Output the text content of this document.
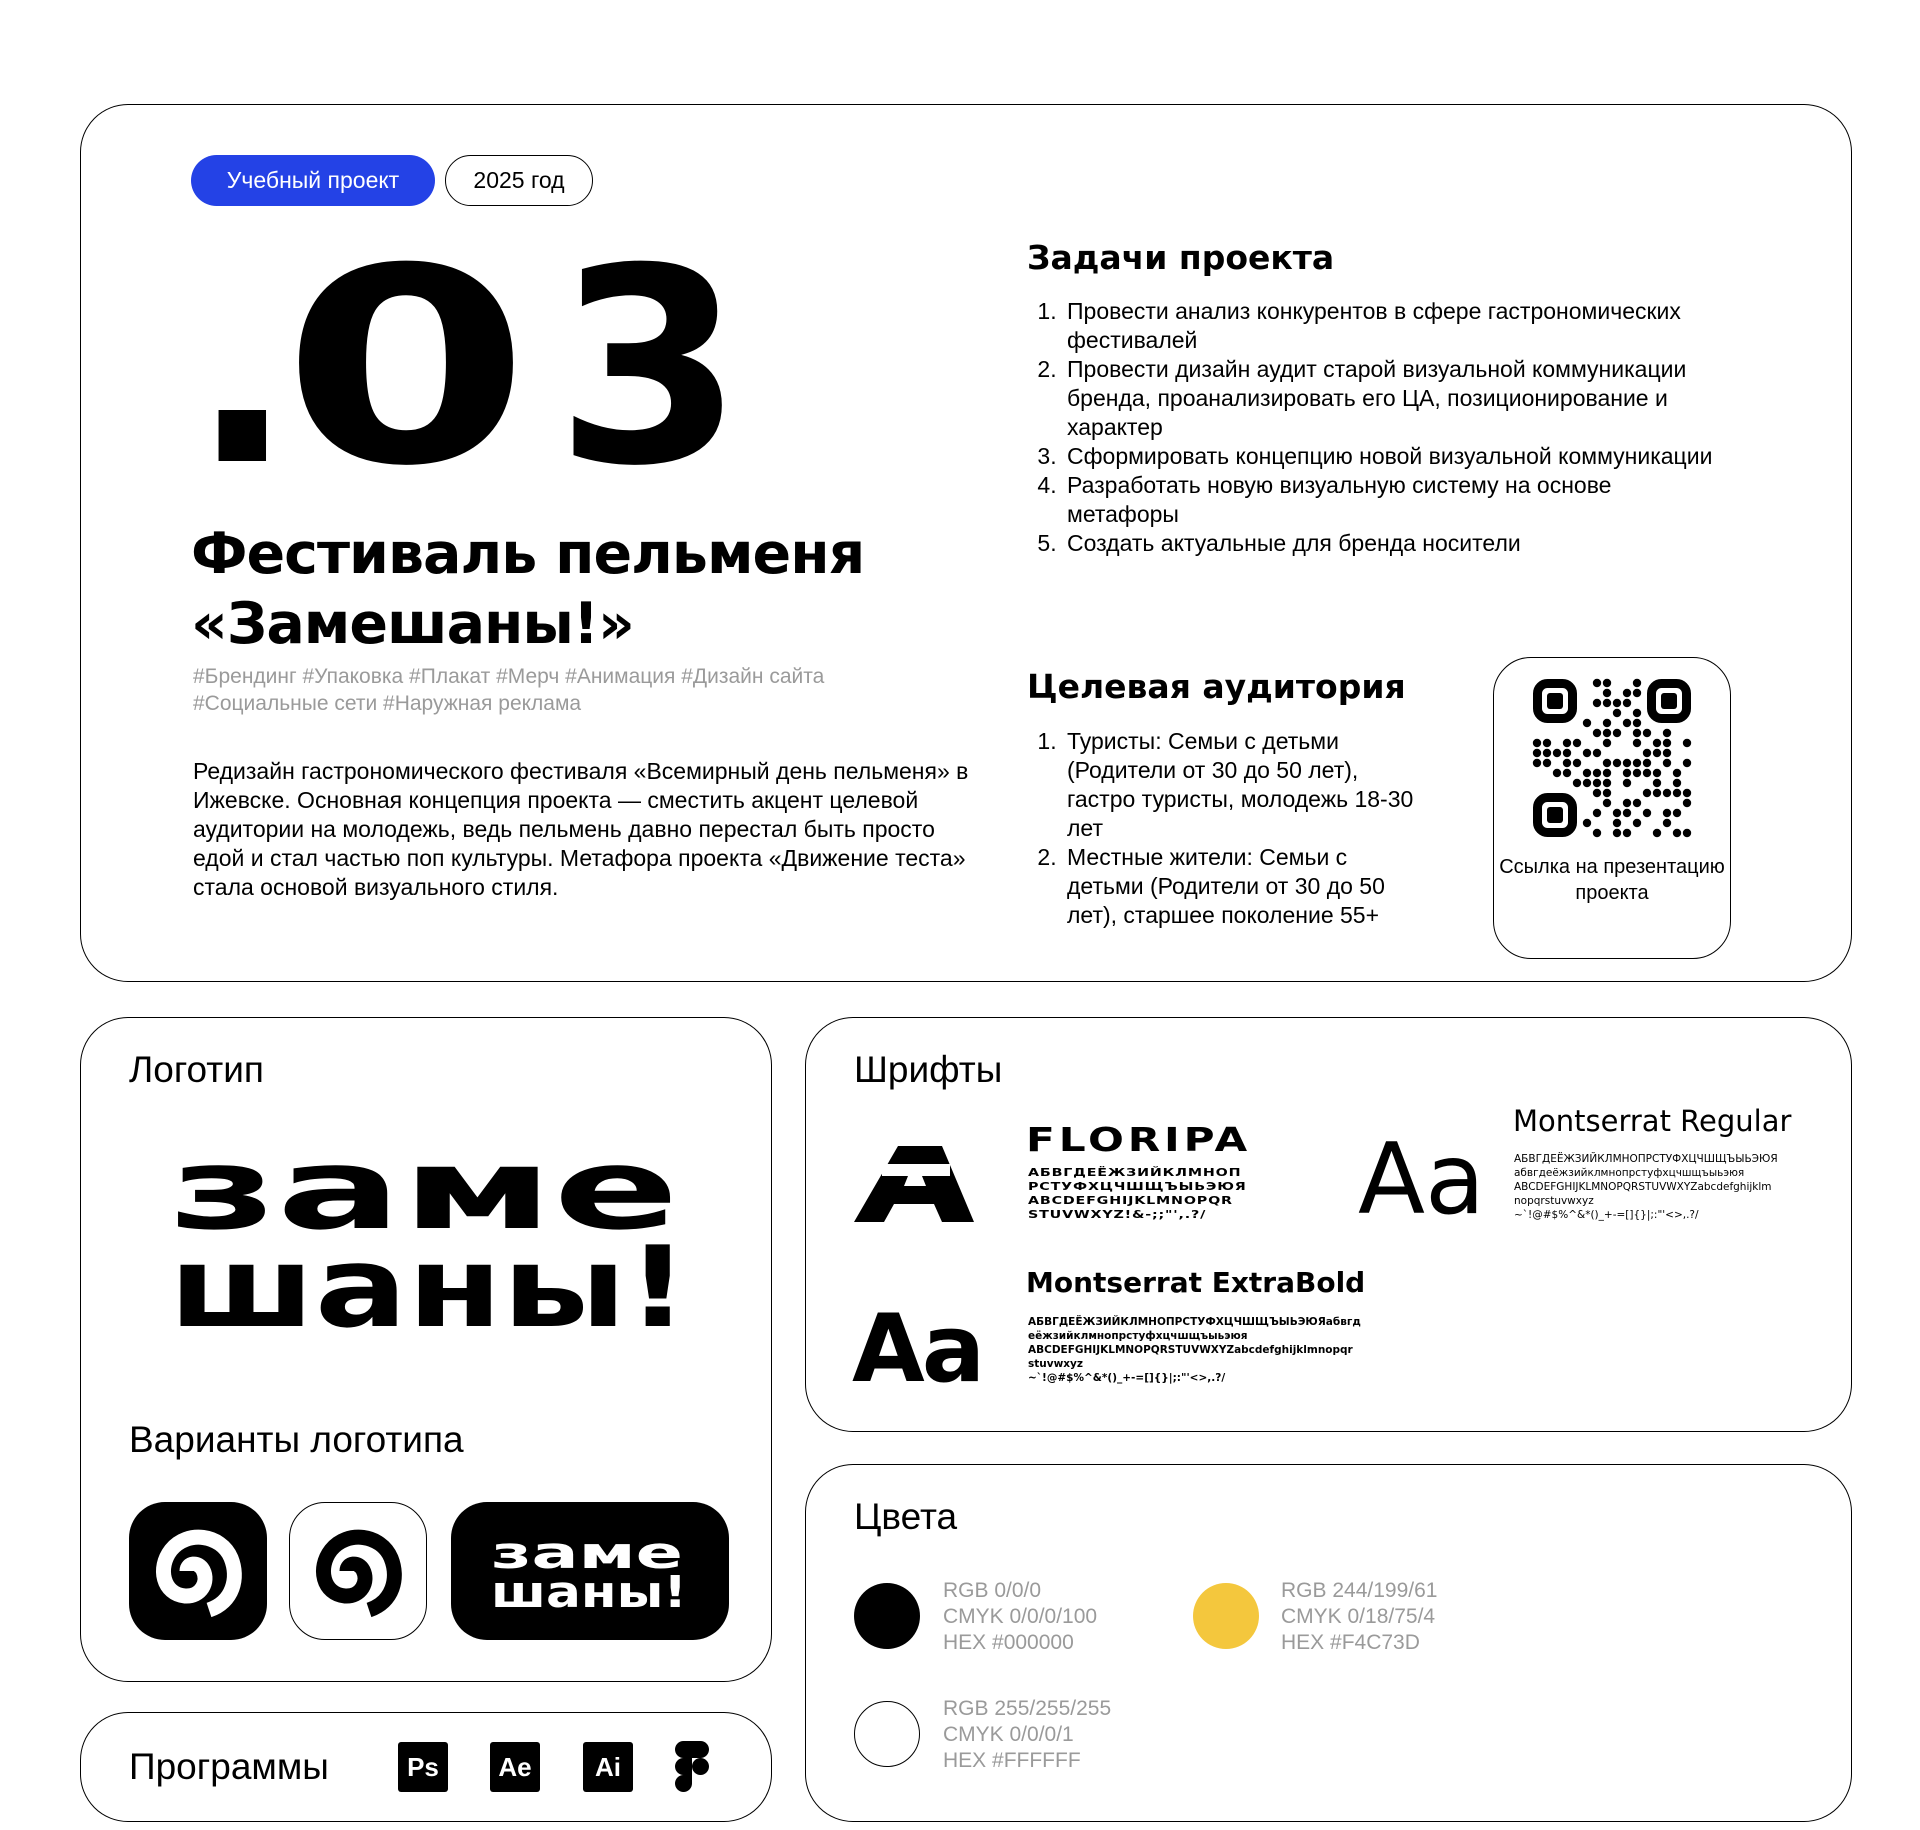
Учебный проект	2025 год
.0 3
Фестиваль пельменя
«Замешаны!»
#Брендинг #Упаковка #Плакат #Мерч #Анимация #Дизайн сайта
#Социальные сети #Наружная реклама

Редизайн гастрономического фестиваля «Всемирный день пельменя» в Ижевске. Основная концепция проекта — сместить акцент целевой аудитории на молодежь, ведь пельмень давно перестал быть просто едой и стал частью поп культуры. Метафора проекта «Движение теста» стала основой визуального стиля.

Задачи проекта
1. Провести анализ конкурентов в сфере гастрономических фестивалей
2. Провести дизайн аудит старой визуальной коммуникации бренда, проанализировать его ЦА, позиционирование и характер
3. Сформировать концепцию новой визуальной коммуникации
4. Разработать новую визуальную систему на основе метафоры
5. Создать актуальные для бренда носители
Целевая аудитория
1. Туристы: Семьи с детьми (Родители от 30 до 50 лет), гастро туристы, молодежь 18-30 лет
2. Местные жители: Семьи с детьми (Родители от 30 до 50 лет), старшее поколение 55+
Ссылка на презентацию проекта
Логотип
заме
шаны!
Варианты логотипа
заме
шаны!
Программы	Ps	Ae	Ai
Шрифты
FLORIPA
АБВГДЕЁЖЗИЙКЛМНОП
РСТУФХЦЧШЩЪЫЬЭЮЯ
ABCDEFGHIJKLMNOPQR
STUVWXYZ!&-;;"',.?/	Aa
Montserrat Regular
АБВГДЕЁЖЗИЙКЛМНОПРСТУФХЦЧШЩЪЫЬЭЮЯ
абвгдеёжзийклмнопрстуфхцчшщъыьэюя
ABCDEFGHIJKLMNOPQRSTUVWXYZabcdefghijklm
nopqrstuvwxyz
~`!@#$%^&*()_+-=[]{}|;:"'<>,.?/
Aa
Montserrat ExtraBold
АБВГДЕЁЖЗИЙКЛМНОПРСТУФХЦЧШЩЪЫЬЭЮЯабвгд
еёжзийклмнопрстуфхцчшщъыьэюя
ABCDEFGHIJKLMNOPQRSTUVWXYZabcdefghijklmnopqr
stuvwxyz
~`!@#$%^&*()_+-=[]{}|;:"'<>,.?/
Цвета
RGB 0/0/0
CMYK 0/0/0/100
HEX #000000
RGB 244/199/61
CMYK 0/18/75/4
HEX #F4C73D
RGB 255/255/255
CMYK 0/0/0/1
HEX #FFFFFF
